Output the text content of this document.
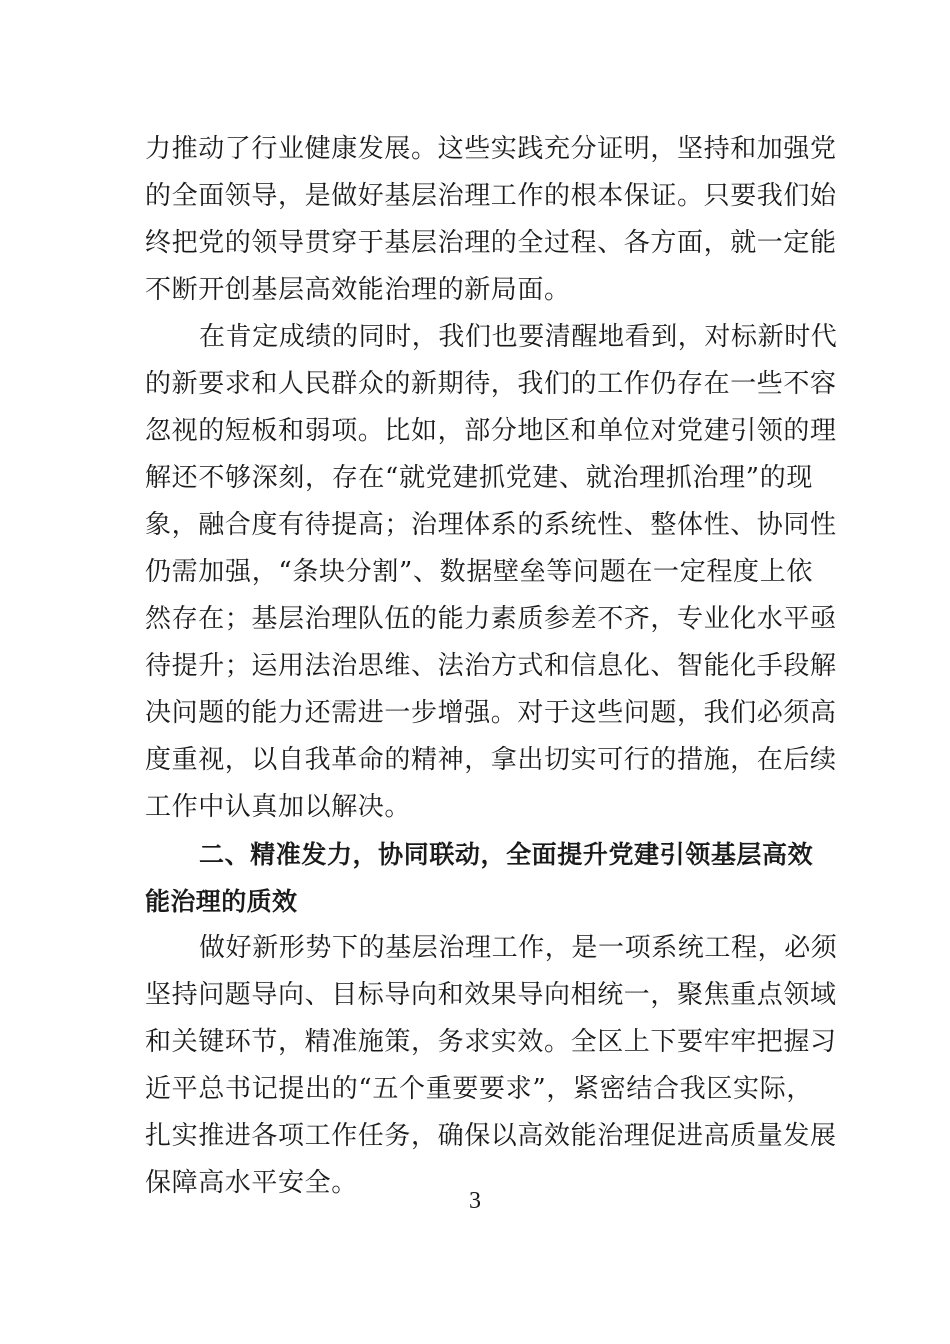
力推动了行业健康发展。这些实践充分证明，坚持和加强党
的全面领导，是做好基层治理工作的根本保证。只要我们始
终把党的领导贯穿于基层治理的全过程、各方面，就一定能
不断开创基层高效能治理的新局面。
在肯定成绩的同时，我们也要清醒地看到，对标新时代
的新要求和人民群众的新期待，我们的工作仍存在一些不容
忽视的短板和弱项。比如，部分地区和单位对党建引领的理
解还不够深刻，存在“就党建抓党建、就治理抓治理”的现
象，融合度有待提高；治理体系的系统性、整体性、协同性
仍需加强，“条块分割”、数据壁垒等问题在一定程度上依
然存在；基层治理队伍的能力素质参差不齐，专业化水平亟
待提升；运用法治思维、法治方式和信息化、智能化手段解
决问题的能力还需进一步增强。对于这些问题，我们必须高
度重视，以自我革命的精神，拿出切实可行的措施，在后续
工作中认真加以解决。
二、精准发力，协同联动，全面提升党建引领基层高效
能治理的质效
做好新形势下的基层治理工作，是一项系统工程，必须
坚持问题导向、目标导向和效果导向相统一，聚焦重点领域
和关键环节，精准施策，务求实效。全区上下要牢牢把握习
近平总书记提出的“五个重要要求”，紧密结合我区实际，
扎实推进各项工作任务，确保以高效能治理促进高质量发展
保障高水平安全。
3
